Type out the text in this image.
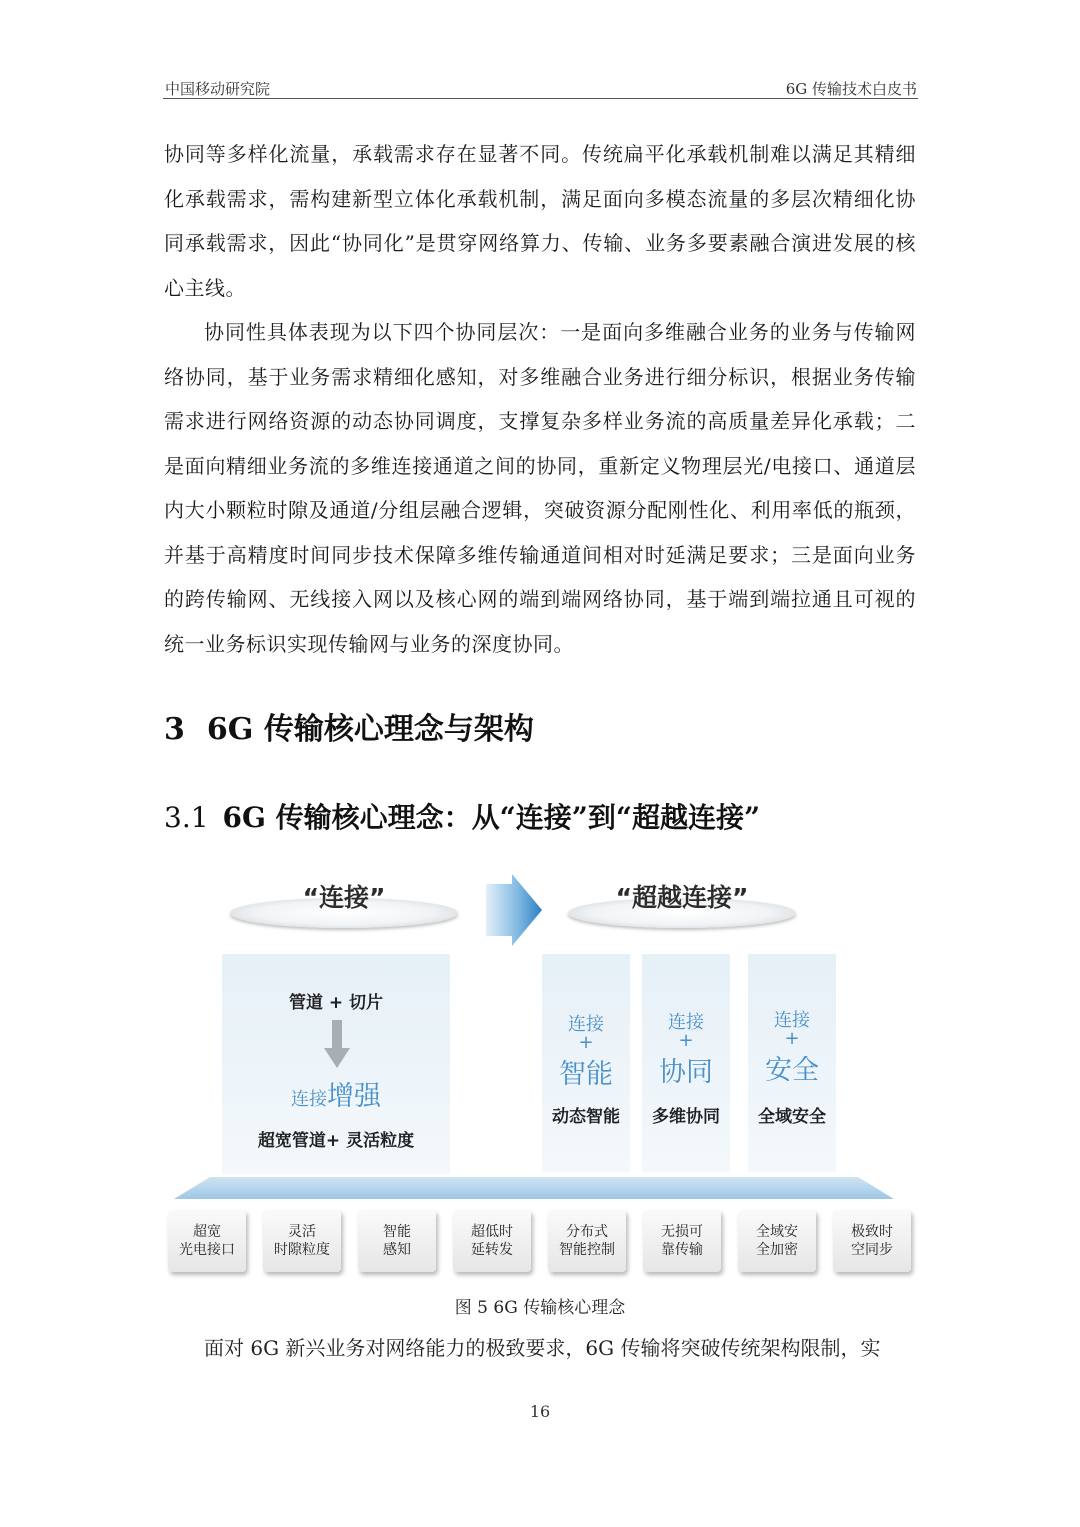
中国移动研究院	6G 传输技术白皮书

协同等多样化流量，承载需求存在显著不同。传统扁平化承载机制难以满足其精细化承载需求，需构建新型立体化承载机制，满足面向多模态流量的多层次精细化协同承载需求，因此“协同化”是贯穿网络算力、传输、业务多要素融合演进发展的核心主线。

协同性具体表现为以下四个协同层次：一是面向多维融合业务的业务与传输网络协同，基于业务需求精细化感知，对多维融合业务进行细分标识，根据业务传输需求进行网络资源的动态协同调度，支撑复杂多样业务流的高质量差异化承载；二是面向精细业务流的多维连接通道之间的协同，重新定义物理层光/电接口、通道层内大小颗粒时隙及通道/分组层融合逻辑，突破资源分配刚性化、利用率低的瓶颈，并基于高精度时间同步技术保障多维传输通道间相对时延满足要求；三是面向业务的跨传输网、无线接入网以及核心网的端到端网络协同，基于端到端拉通且可视的统一业务标识实现传输网与业务的深度协同。

3 6G 传输核心理念与架构
3.1 6G 传输核心理念：从“连接”到“超越连接”
“连接”	“超越连接”
管道 + 切片
连接增强
超宽管道+ 灵活粒度
连接
+
智能
动态智能
连接
+
协同
多维协同
连接
+
安全
全域安全
超宽
光电接口
灵活
时隙粒度
智能
感知
超低时
延转发
分布式
智能控制
无损可
靠传输
全域安
全加密
极致时
空同步
图 5 6G 传输核心理念

面对 6G 新兴业务对网络能力的极致要求，6G 传输将突破传统架构限制，实

16
